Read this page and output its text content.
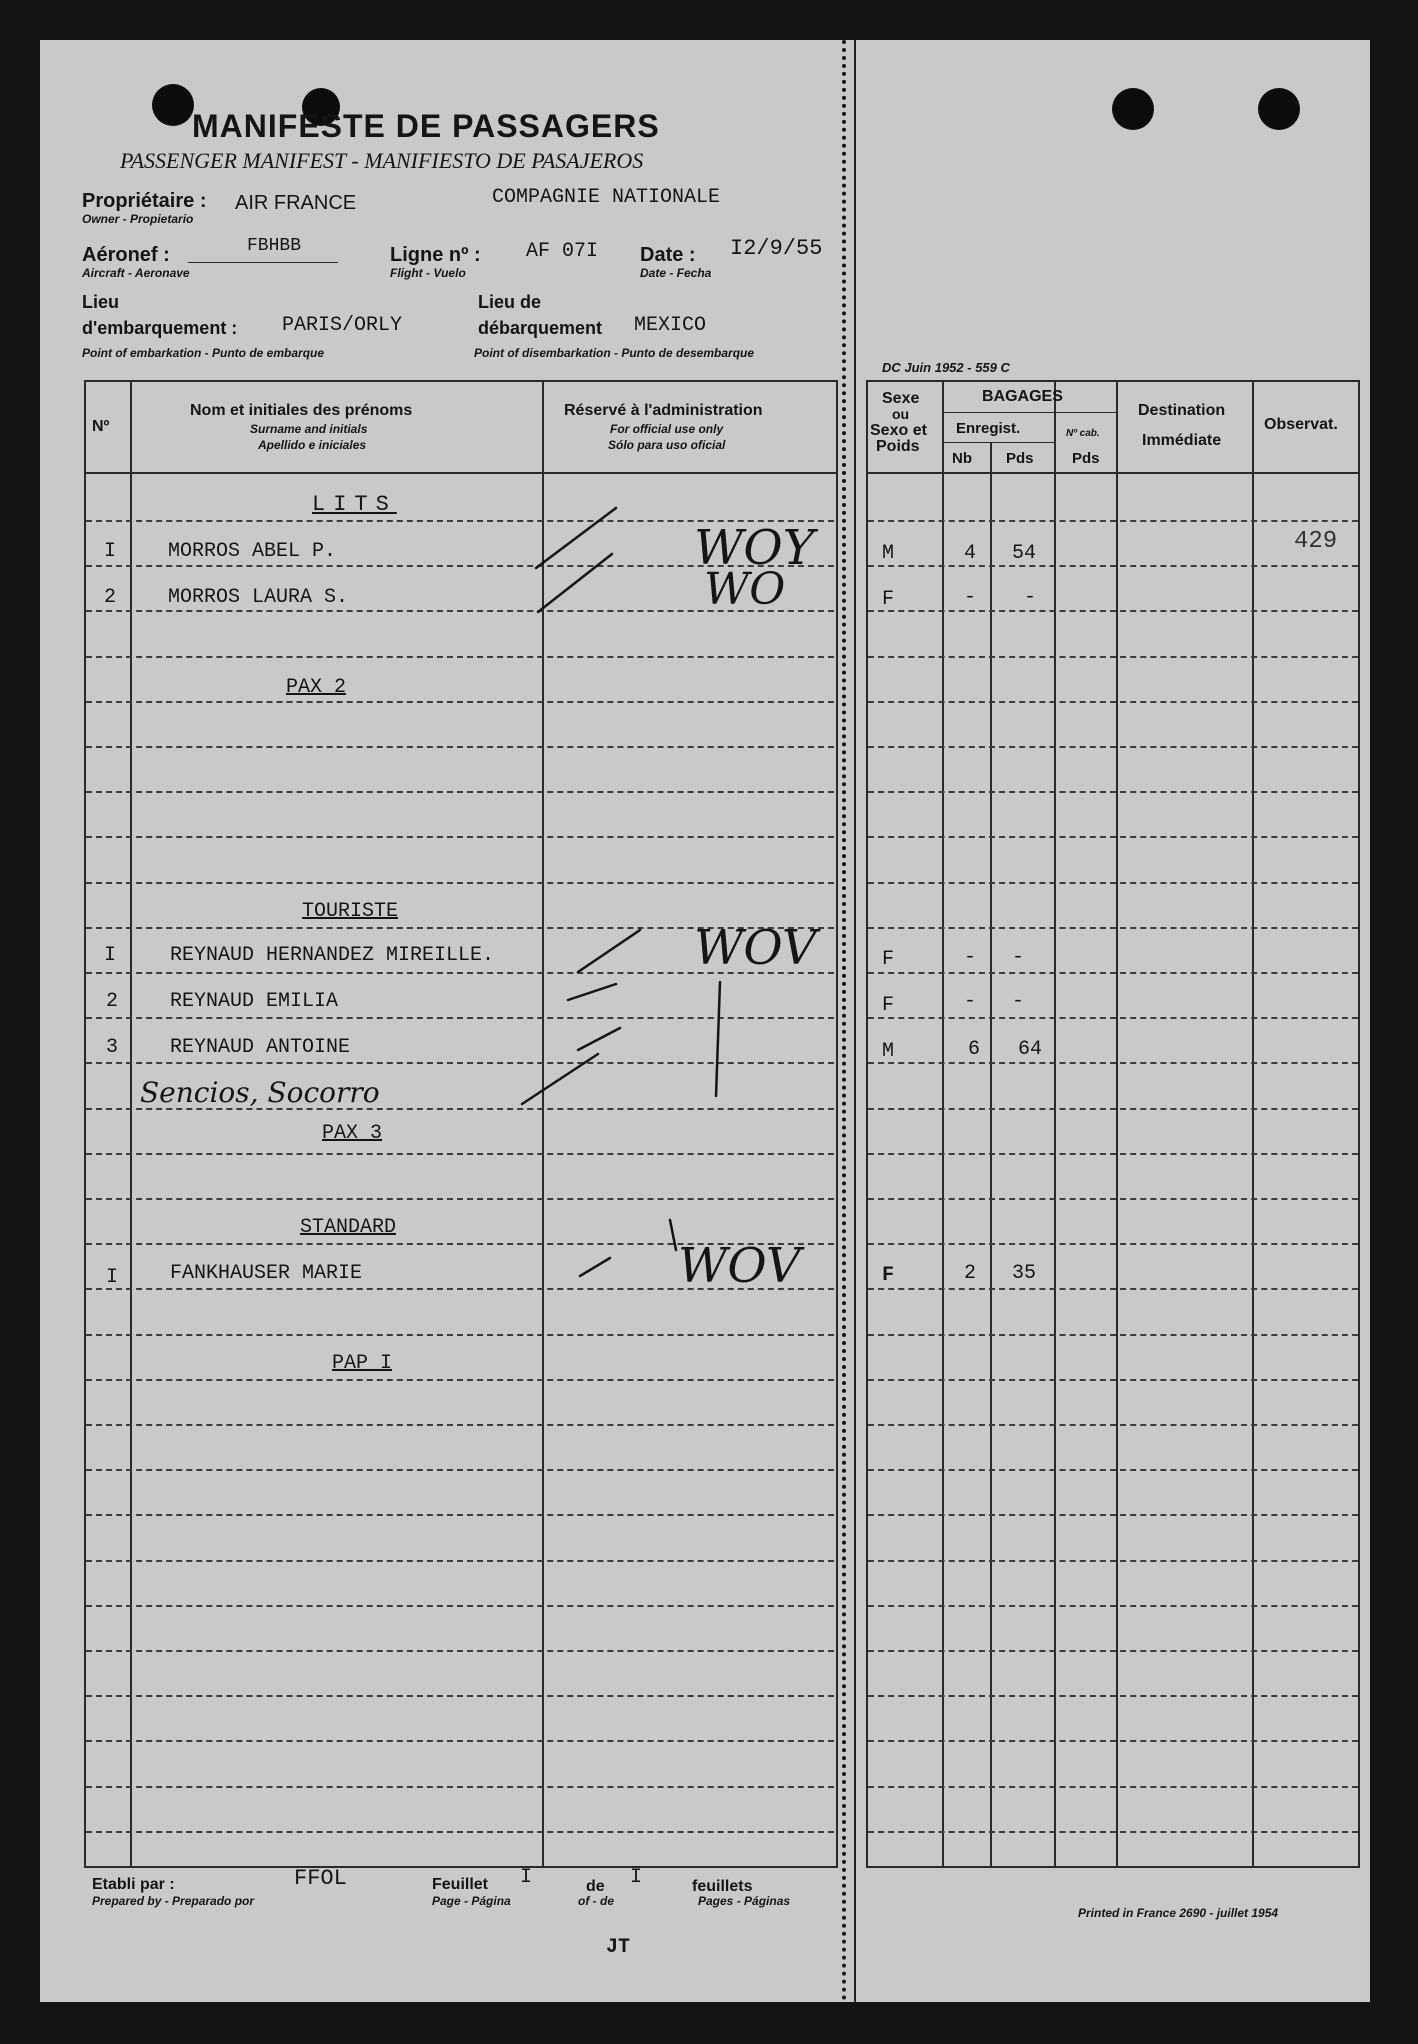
MANIFESTE DE PASSAGERS
PASSENGER MANIFEST - MANIFIESTO DE PASAJEROS
Propriétaire : AIR FRANCE
Owner - Propietario
COMPAGNIE NATIONALE
Aéronef :	FBHBB
Aircraft - Aeronave
Ligne nº : AF 07I
Flight - Vuelo
Date : I2/9/55
Date - Fecha
Lieu
d'embarquement : PARIS/ORLY
Point of embarkation - Punto de embarque
Lieu de
débarquement MEXICO
Point of disembarkation - Punto de desembarque
DC Juin 1952 - 559 C
Nº
Nom et initiales des prénoms
Surname and initials
Apellido e iniciales
Réservé à l'administration
For official use only
Sólo para uso oficial
Sexe
ou
Sexo et
Poids
BAGAGES
Enregist.
Nb Pds
Nº cab.
Pds
Destination
Immédiate
Observat.
LITS
I	MORROS ABEL P.	WOY	M	4 54	429
2	MORROS LAURA S.	WO	F	- -
PAX 2
TOURISTE
I	REYNAUD HERNANDEZ MIREILLE.	WOV	F	- -
2	REYNAUD EMILIA	F	- -
3	REYNAUD ANTOINE	M	6 64
Sencios, Socorro
PAX 3
STANDARD
I	FANKHAUSER MARIE	WOV	F	2 35
PAP I
Etabli par :
Prepared by - Preparado por
FFOL	Feuillet
Page - Página
I	de
of - de
I	feuillets
Pages - Páginas
Printed in France 2690 - juillet 1954
JT
